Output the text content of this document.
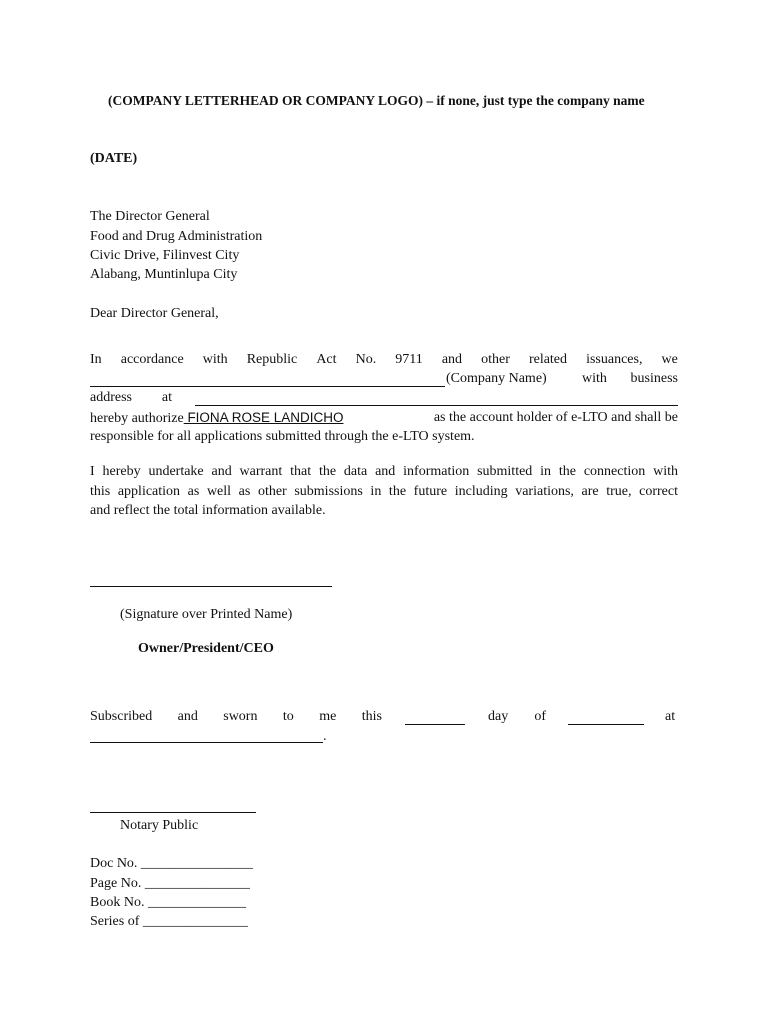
(COMPANY LETTERHEAD OR COMPANY LOGO) – if none, just type the company name
(DATE)
The Director General
Food and Drug Administration
Civic Drive, Filinvest City
Alabang, Muntinlupa City
Dear Director General,
In accordance with Republic Act No. 9711 and other related issuances, we
(Company Name)	with business
address at
hereby authorize FIONA ROSE LANDICHO	as the account holder of e-LTO and shall be
responsible for all applications submitted through the e-LTO system.
I hereby undertake and warrant that the data and information submitted in the connection with
this application as well as other submissions in the future including variations, are true, correct
and reflect the total information available.
(Signature over Printed Name)
Owner/President/CEO
Subscribed and sworn to me this	day of	at
.
Notary Public
Doc No. ________________
Page No. _______________
Book No. ______________
Series of _______________
